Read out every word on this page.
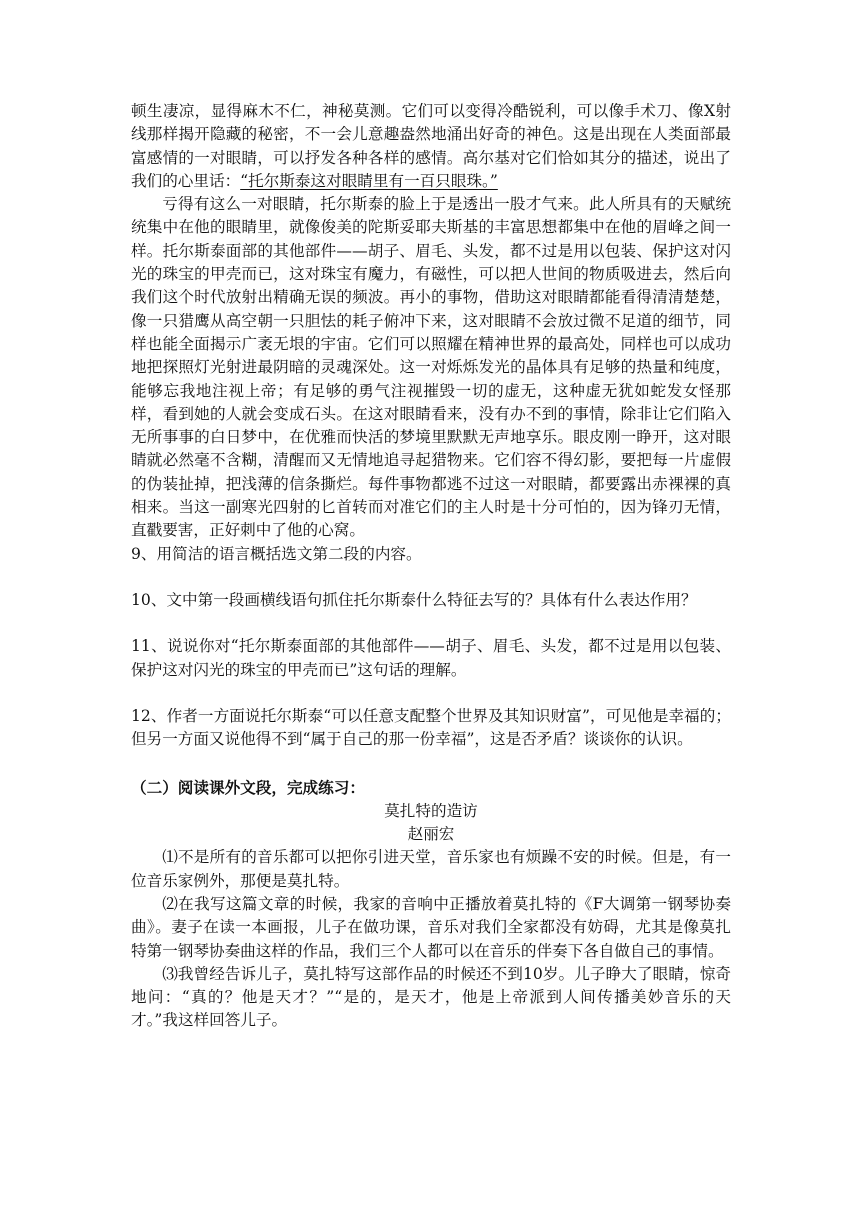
顿生凄凉，显得麻木不仁，神秘莫测。它们可以变得冷酷锐利，可以像手术刀、像X射线那样揭开隐藏的秘密，不一会儿意趣盎然地涌出好奇的神色。这是出现在人类面部最富感情的一对眼睛，可以抒发各种各样的感情。高尔基对它们恰如其分的描述，说出了我们的心里话：“托尔斯泰这对眼睛里有一百只眼珠。”

亏得有这么一对眼睛，托尔斯泰的脸上于是透出一股才气来。此人所具有的天赋统统集中在他的眼睛里，就像俊美的陀斯妥耶夫斯基的丰富思想都集中在他的眉峰之间一样。托尔斯泰面部的其他部件——胡子、眉毛、头发，都不过是用以包装、保护这对闪光的珠宝的甲壳而已，这对珠宝有魔力，有磁性，可以把人世间的物质吸进去，然后向我们这个时代放射出精确无误的频波。再小的事物，借助这对眼睛都能看得清清楚楚，像一只猎鹰从高空朝一只胆怯的耗子俯冲下来，这对眼睛不会放过微不足道的细节，同样也能全面揭示广袤无垠的宇宙。它们可以照耀在精神世界的最高处，同样也可以成功地把探照灯光射进最阴暗的灵魂深处。这一对烁烁发光的晶体具有足够的热量和纯度，能够忘我地注视上帝；有足够的勇气注视摧毁一切的虚无，这种虚无犹如蛇发女怪那样，看到她的人就会变成石头。在这对眼睛看来，没有办不到的事情，除非让它们陷入无所事事的白日梦中，在优雅而快活的梦境里默默无声地享乐。眼皮刚一睁开，这对眼睛就必然毫不含糊，清醒而又无情地追寻起猎物来。它们容不得幻影，要把每一片虚假的伪装扯掉，把浅薄的信条撕烂。每件事物都逃不过这一对眼睛，都要露出赤裸裸的真相来。当这一副寒光四射的匕首转而对准它们的主人时是十分可怕的，因为锋刃无情，直戳要害，正好刺中了他的心窝。

9、用简洁的语言概括选文第二段的内容。

10、文中第一段画横线语句抓住托尔斯泰什么特征去写的？具体有什么表达作用？

11、说说你对“托尔斯泰面部的其他部件——胡子、眉毛、头发，都不过是用以包装、保护这对闪光的珠宝的甲壳而已”这句话的理解。

12、作者一方面说托尔斯泰“可以任意支配整个世界及其知识财富”，可见他是幸福的；但另一方面又说他得不到“属于自己的那一份幸福”，这是否矛盾？谈谈你的认识。

（二）阅读课外文段，完成练习：

莫扎特的造访

赵丽宏

⑴不是所有的音乐都可以把你引进天堂，音乐家也有烦躁不安的时候。但是，有一位音乐家例外，那便是莫扎特。

⑵在我写这篇文章的时候，我家的音响中正播放着莫扎特的《F大调第一钢琴协奏曲》。妻子在读一本画报，儿子在做功课，音乐对我们全家都没有妨碍，尤其是像莫扎特第一钢琴协奏曲这样的作品，我们三个人都可以在音乐的伴奏下各自做自己的事情。

⑶我曾经告诉儿子，莫扎特写这部作品的时候还不到10岁。儿子睁大了眼睛，惊奇地问：“真的？他是天才？”“是的，是天才，他是上帝派到人间传播美妙音乐的天才。”我这样回答儿子。
